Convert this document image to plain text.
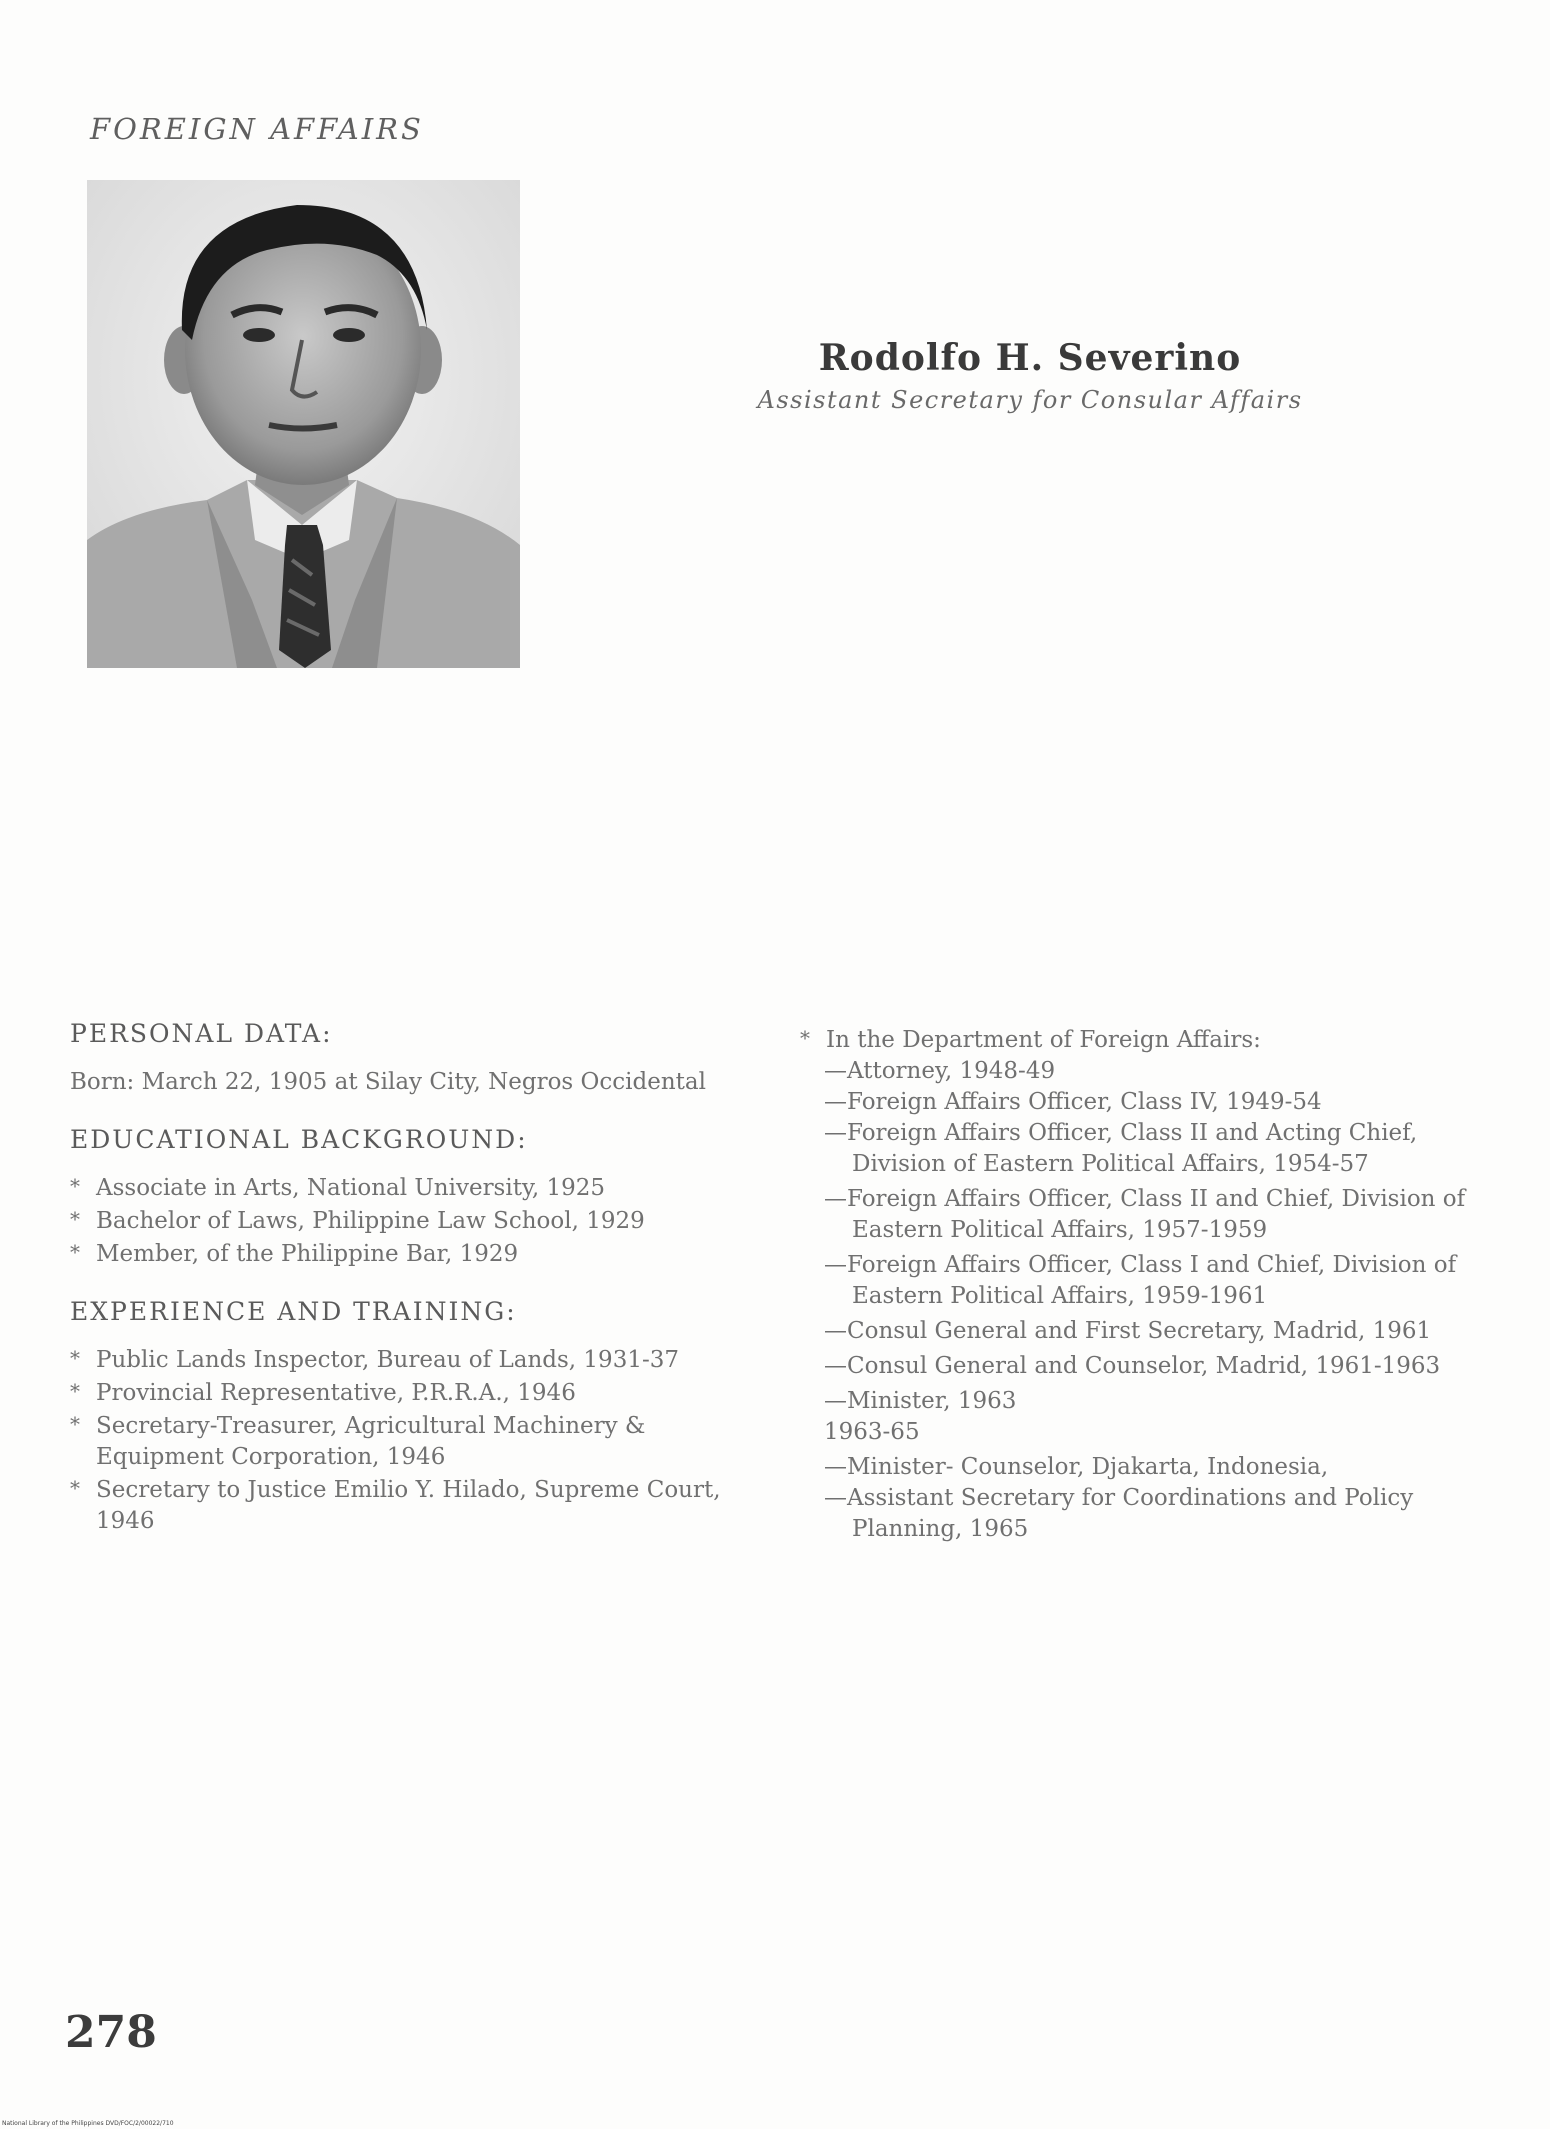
FOREIGN AFFAIRS
Rodolfo H. Severino
Assistant Secretary for Consular Affairs
PERSONAL DATA:

Born: March 22, 1905 at Silay City, Negros Occidental

EDUCATIONAL BACKGROUND:
* Associate in Arts, National University, 1925
* Bachelor of Laws, Philippine Law School, 1929
* Member, of the Philippine Bar, 1929
EXPERIENCE AND TRAINING:
* Public Lands Inspector, Bureau of Lands, 1931-37
* Provincial Representative, P.R.R.A., 1946
* Secretary-Treasurer, Agricultural Machinery & Equipment Corporation, 1946
* Secretary to Justice Emilio Y. Hilado, Supreme Court, 1946

* In the Department of Foreign Affairs:

—Attorney, 1948-49
—Foreign Affairs Officer, Class IV, 1949-54
—Foreign Affairs Officer, Class II and Acting Chief, Division of Eastern Political Affairs, 1954-57
—Foreign Affairs Officer, Class II and Chief, Division of Eastern Political Affairs, 1957-1959
—Foreign Affairs Officer, Class I and Chief, Division of Eastern Political Affairs, 1959-1961
—Consul General and First Secretary, Madrid, 1961
—Consul General and Counselor, Madrid, 1961-1963
—Minister, 1963
1963-65
—Minister- Counselor, Djakarta, Indonesia,
—Assistant Secretary for Coordinations and Policy Planning, 1965
278
National Library of the Philippines DVD/FOC/2/00022/710
